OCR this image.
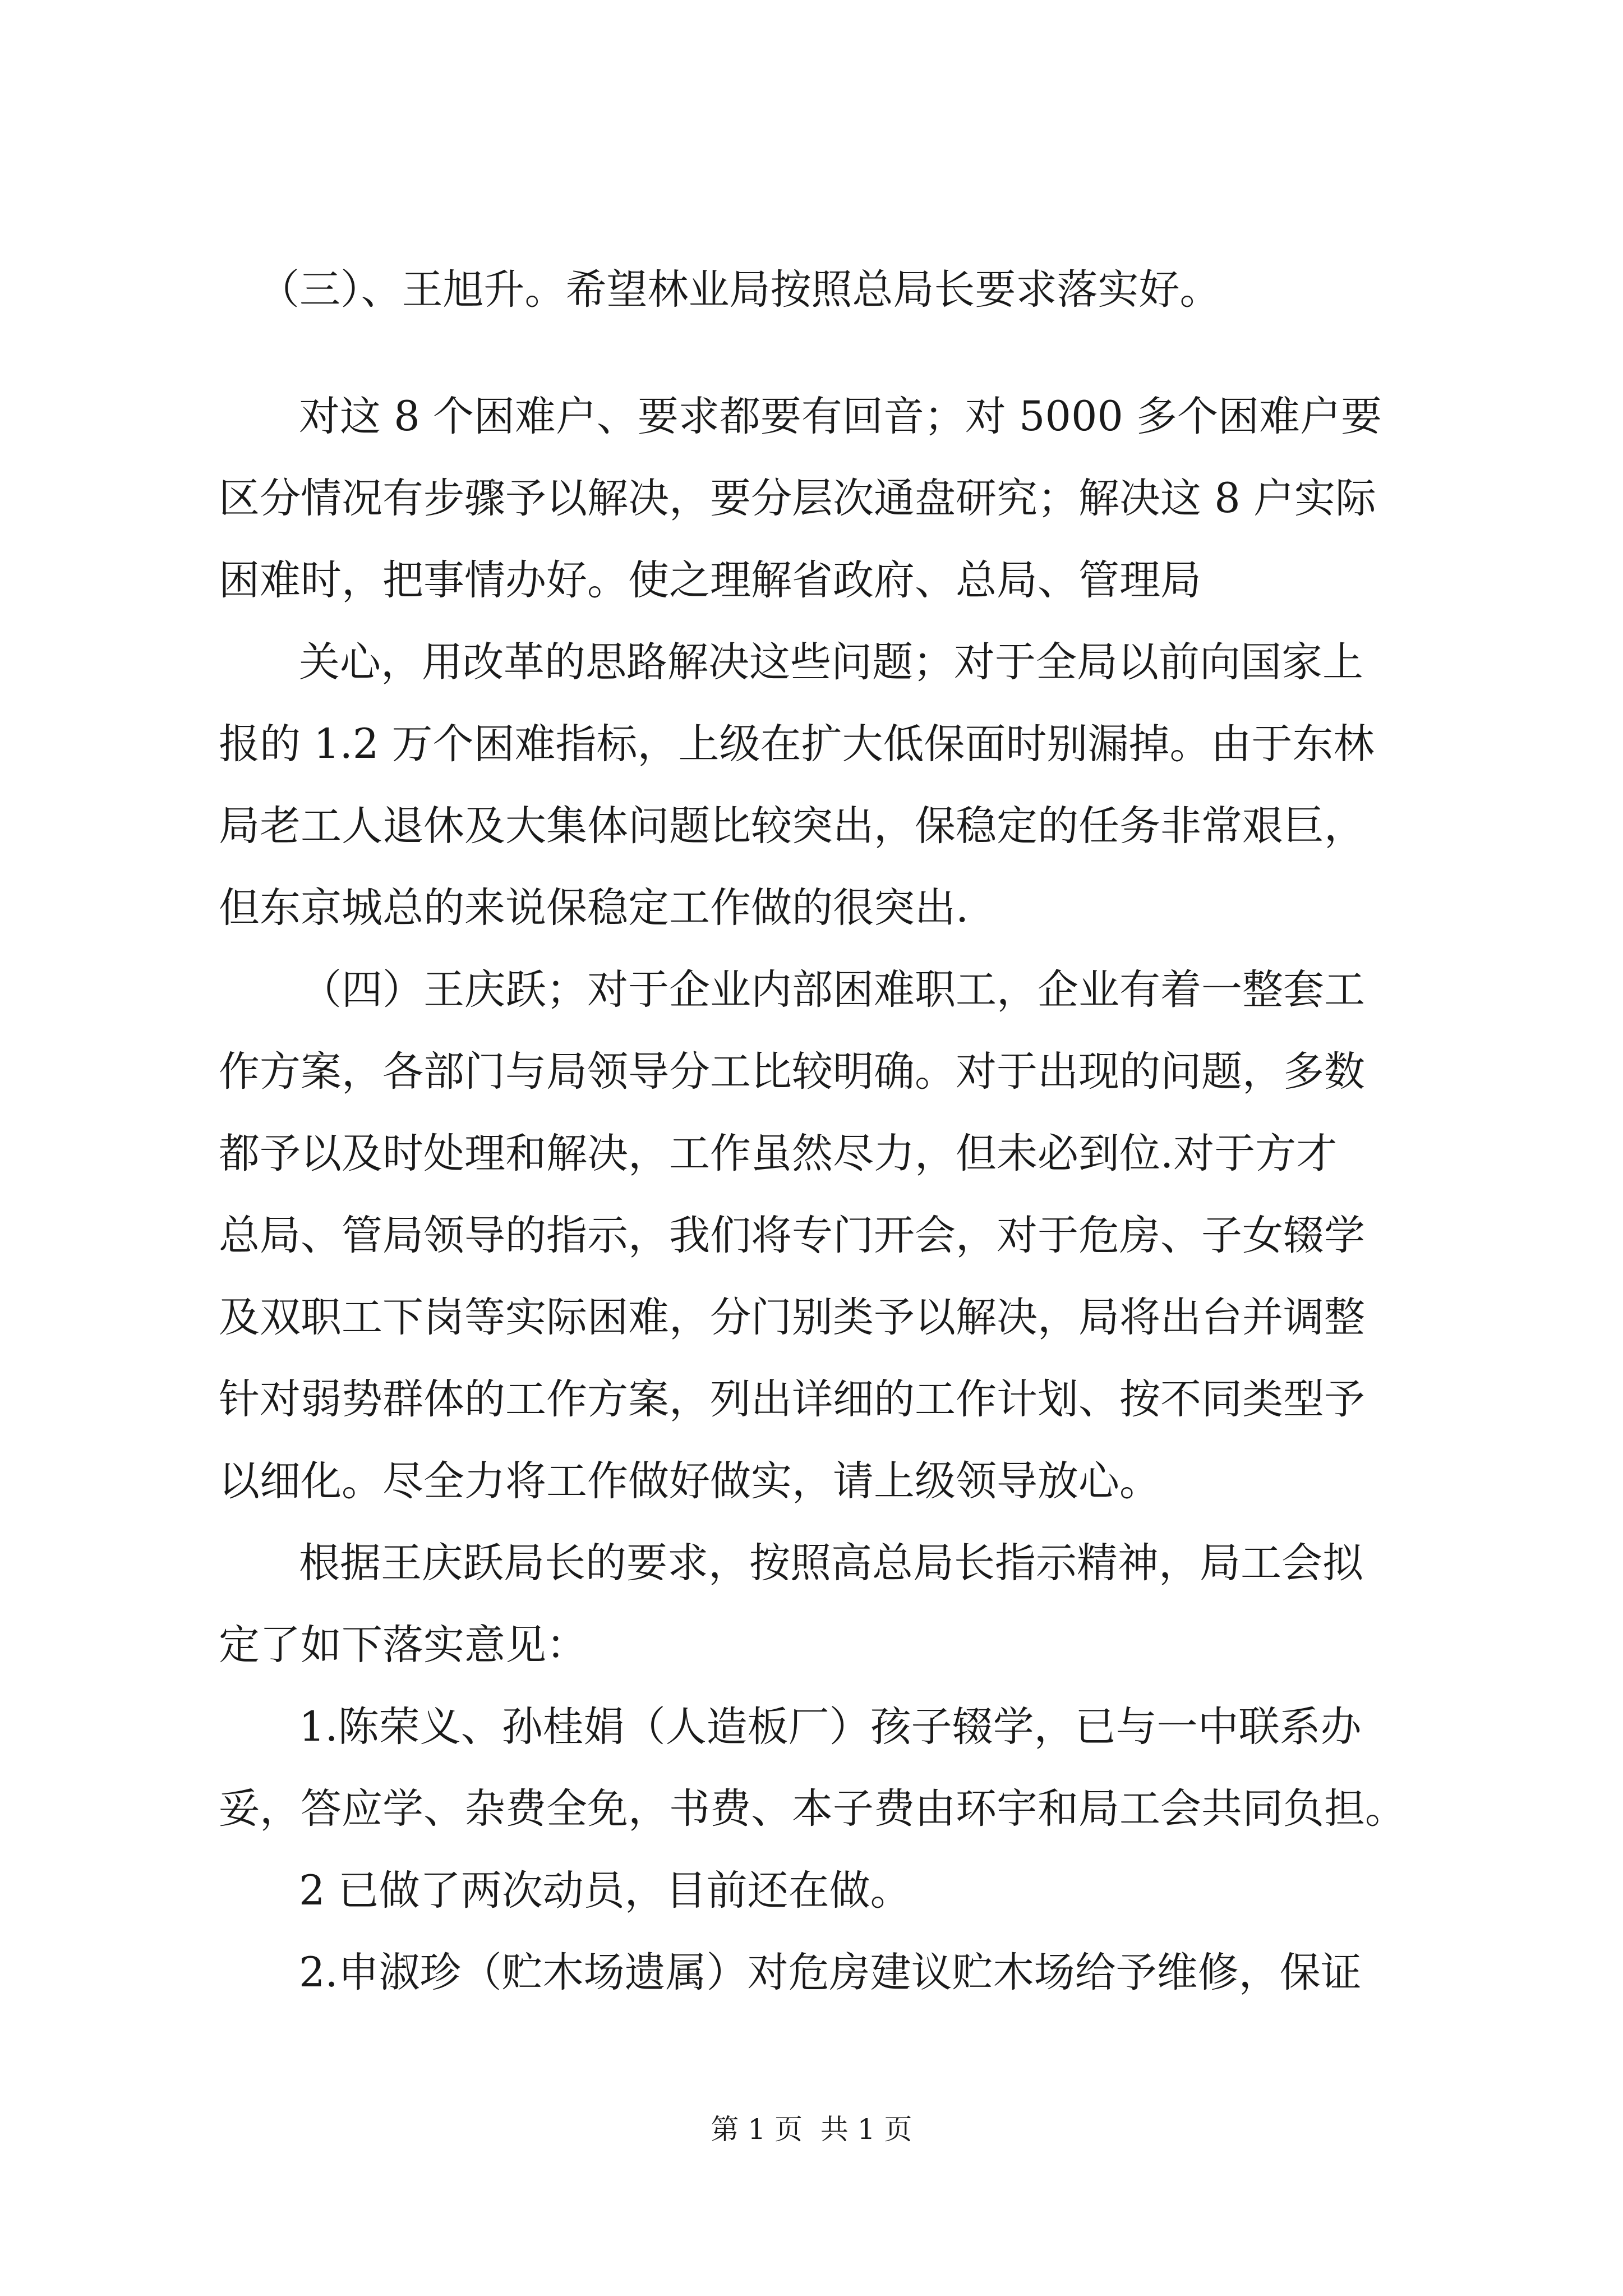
（三）、王旭升。希望林业局按照总局长要求落实好。

对这 8 个困难户、要求都要有回音；对 5000 多个困难户要

区分情况有步骤予以解决，要分层次通盘研究；解决这 8 户实际

困难时，把事情办好。使之理解省政府、总局、管理局

关心，用改革的思路解决这些问题；对于全局以前向国家上

报的 1.2 万个困难指标，上级在扩大低保面时别漏掉。由于东林

局老工人退休及大集体问题比较突出，保稳定的任务非常艰巨，

但东京城总的来说保稳定工作做的很突出.

（四）王庆跃；对于企业内部困难职工，企业有着一整套工

作方案，各部门与局领导分工比较明确。对于出现的问题，多数

都予以及时处理和解决，工作虽然尽力，但未必到位.对于方才

总局、管局领导的指示，我们将专门开会，对于危房、子女辍学

及双职工下岗等实际困难，分门别类予以解决，局将出台并调整

针对弱势群体的工作方案，列出详细的工作计划、按不同类型予

以细化。尽全力将工作做好做实，请上级领导放心。

根据王庆跃局长的要求，按照高总局长指示精神，局工会拟

定了如下落实意见：

1.陈荣义、孙桂娟（人造板厂）孩子辍学，已与一中联系办

妥，答应学、杂费全免，书费、本子费由环宇和局工会共同负担。

2 已做了两次动员，目前还在做。

2.申淑珍（贮木场遗属）对危房建议贮木场给予维修，保证

第 1 页  共 1 页
